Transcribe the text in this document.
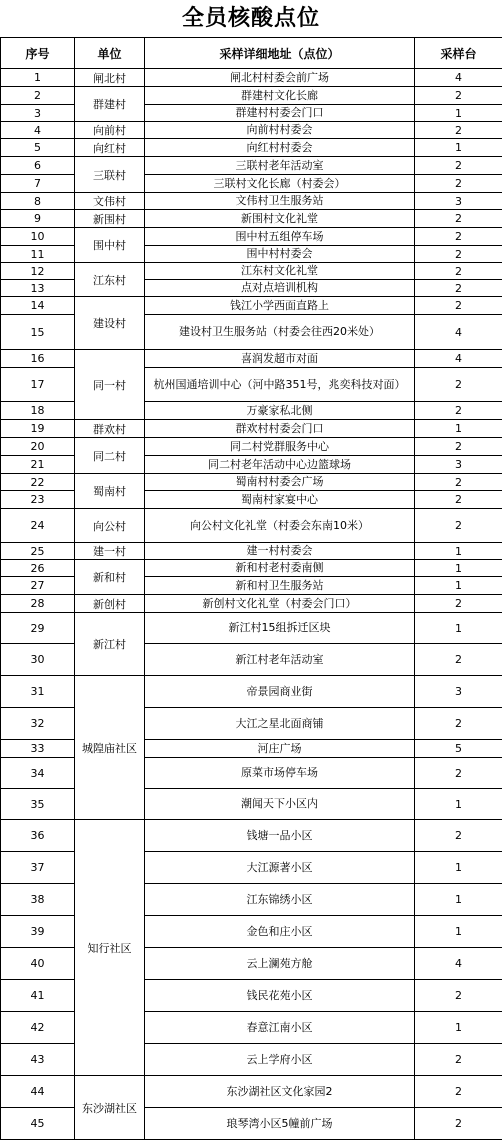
全员核酸点位
序号	单位	采样详细地址（点位）	采样台
1	闸北村	闸北村村委会前广场	4
2	群建村	群建村文化长廊	2
3		群建村村委会门口	1
4	向前村	向前村村委会	2
5	向红村	向红村村委会	1
6	三联村	三联村老年活动室	2
7		三联村文化长廊（村委会）	2
8	文伟村	文伟村卫生服务站	3
9	新围村	新围村文化礼堂	2
10	围中村	围中村五组停车场	2
11		围中村村委会	2
12	江东村	江东村文化礼堂	2
13		点对点培训机构	2
14	建设村	钱江小学西面直路上	2
15		建设村卫生服务站（村委会往西20米处）	4
16	同一村	喜润发超市对面	4
17		杭州国通培训中心（河中路351号，兆奕科技对面）	2
18		万豪家私北侧	2
19	群欢村	群欢村村委会门口	1
20	同二村	同二村党群服务中心	2
21		同二村老年活动中心边篮球场	3
22	蜀南村	蜀南村村委会广场	2
23		蜀南村家宴中心	2
24	向公村	向公村文化礼堂（村委会东南10米）	2
25	建一村	建一村村委会	1
26	新和村	新和村老村委南侧	1
27		新和村卫生服务站	1
28	新创村	新创村文化礼堂（村委会门口）	2
29	新江村	新江村15组拆迁区块	1
30		新江村老年活动室	2
31	城隍庙社区	帝景园商业街	3
32		大江之星北面商铺	2
33		河庄广场	5
34		原菜市场停车场	2
35		潮闻天下小区内	1
36	知行社区	钱塘一品小区	2
37		大江源著小区	1
38		江东锦绣小区	1
39		金色和庄小区	1
40		云上澜苑方舱	4
41		钱民花苑小区	2
42		春意江南小区	1
43		云上学府小区	2
44	东沙湖社区	东沙湖社区文化家园2	2
45		琅琴湾小区5幢前广场	2
